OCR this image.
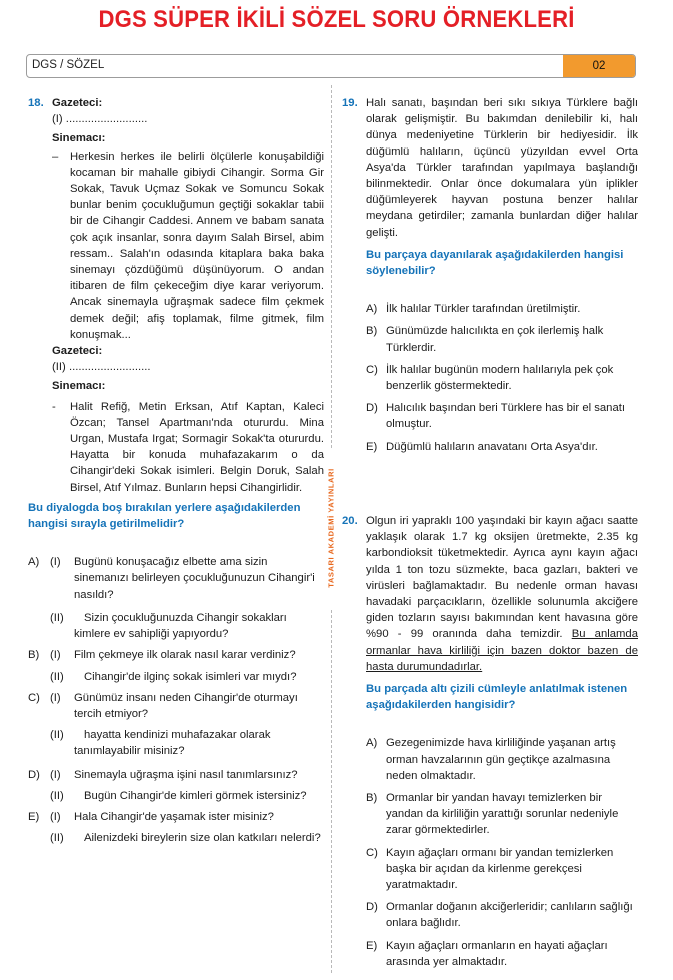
DGS SÜPER İKİLİ SÖZEL SORU ÖRNEKLERİ
DGS / SÖZEL	02
TASARI AKADEMİ YAYINLARI
18. Gazeteci:
(I) ..........................
Sinemacı:
– Herkesin herkes ile belirli ölçülerle konuşabildiği kocaman bir mahalle gibiydi Cihangir. Sorma Gir Sokak, Tavuk Uçmaz Sokak ve Somuncu Sokak bunlar benim çocukluğumun geçtiği sokaklar tabii bir de Cihangir Caddesi. Annem ve babam sanata çok açık insanlar, sonra dayım Salah Birsel, abim ressam.. Salah'ın odasında kitaplara baka baka sinemayı çözdüğümü düşünüyorum. O andan itibaren de film çekeceğim diye karar veriyorum. Ancak sinemayla uğraşmak sadece film çekmek demek değil; afiş toplamak, filme gitmek, film konuşmak...
Gazeteci:
(II) ..........................
Sinemacı:
- Halit Refiğ, Metin Erksan, Atıf Kaptan, Kaleci Özcan; Tansel Apartmanı'nda otururdu. Mina Urgan, Mustafa Irgat; Sormagir Sokak'ta otururdu. Hayatta bir konuda muhafazakarım o da Cihangir'deki Sokak isimleri. Belgin Doruk, Salah Birsel, Atıf Yılmaz. Bunların hepsi Cihangirlidir.
Bu diyalogda boş bırakılan yerlere aşağıdakilerden hangisi sırayla getirilmelidir?
A) (I) Bugünü konuşacağız elbette ama sizin sinemanızı belirleyen çocukluğunuzun Cihangir'i nasıldı?
(II) Sizin çocukluğunuzda Cihangir sokakları kimlere ev sahipliği yapıyordu?
B) (I) Film çekmeye ilk olarak nasıl karar verdiniz?
(II) Cihangir'de ilginç sokak isimleri var mıydı?
C) (I) Günümüz insanı neden Cihangir'de oturmayı tercih etmiyor?
(II) hayatta kendinizi muhafazakar olarak tanımlayabilir misiniz?
D) (I) Sinemayla uğraşma işini nasıl tanımlarsınız?
(II) Bugün Cihangir'de kimleri görmek istersiniz?
E) (I) Hala Cihangir'de yaşamak ister misiniz?
(II) Ailenizdeki bireylerin size olan katkıları nelerdi?
19. Halı sanatı, başından beri sıkı sıkıya Türklere bağlı olarak gelişmiştir. Bu bakımdan denilebilir ki, halı dünya medeniyetine Türklerin bir hediyesidir. İlk düğümlü halıların, üçüncü yüzyıldan evvel Orta Asya'da Türkler tarafından yapılmaya başlandığı bilinmektedir. Onlar önce dokumalara yün iplikler düğümleyerek hayvan postuna benzer halılar meydana getirdiler; zamanla bunlardan diğer halılar gelişti.
Bu parçaya dayanılarak aşağıdakilerden hangisi söylenebilir?
A) İlk halılar Türkler tarafından üretilmiştir.
B) Günümüzde halıcılıkta en çok ilerlemiş halk Türklerdir.
C) İlk halılar bugünün modern halılarıyla pek çok benzerlik göstermektedir.
D) Halıcılık başından beri Türklere has bir el sanatı olmuştur.
E) Düğümlü halıların anavatanı Orta Asya'dır.
20. Olgun iri yapraklı 100 yaşındaki bir kayın ağacı saatte yaklaşık olarak 1.7 kg oksijen üretmekte, 2.35 kg karbondioksit tüketmektedir. Ayrıca aynı kayın ağacı yılda 1 ton tozu süzmekte, baca gazları, bakteri ve virüsleri bağlamaktadır. Bu nedenle orman havası havadaki parçacıkların, özellikle solunumla akciğere giden tozların sayısı bakımından kent havasına göre %90 - 99 oranında daha temizdir. Bu anlamda ormanlar hava kirliliği için bazen doktor bazen de hasta durumundadırlar.
Bu parçada altı çizili cümleyle anlatılmak istenen aşağıdakilerden hangisidir?
A) Gezegenimizde hava kirliliğinde yaşanan artış orman havzalarının gün geçtikçe azalmasına neden olmaktadır.
B) Ormanlar bir yandan havayı temizlerken bir yandan da kirliliğin yarattığı sorunlar nedeniyle zarar görmektedirler.
C) Kayın ağaçları ormanı bir yandan temizlerken başka bir açıdan da kirlenme gerekçesi yaratmaktadır.
D) Ormanlar doğanın akciğerleridir; canlıların sağlığı onlara bağlıdır.
E) Kayın ağaçları ormanların en hayati ağaçları arasında yer almaktadır.
